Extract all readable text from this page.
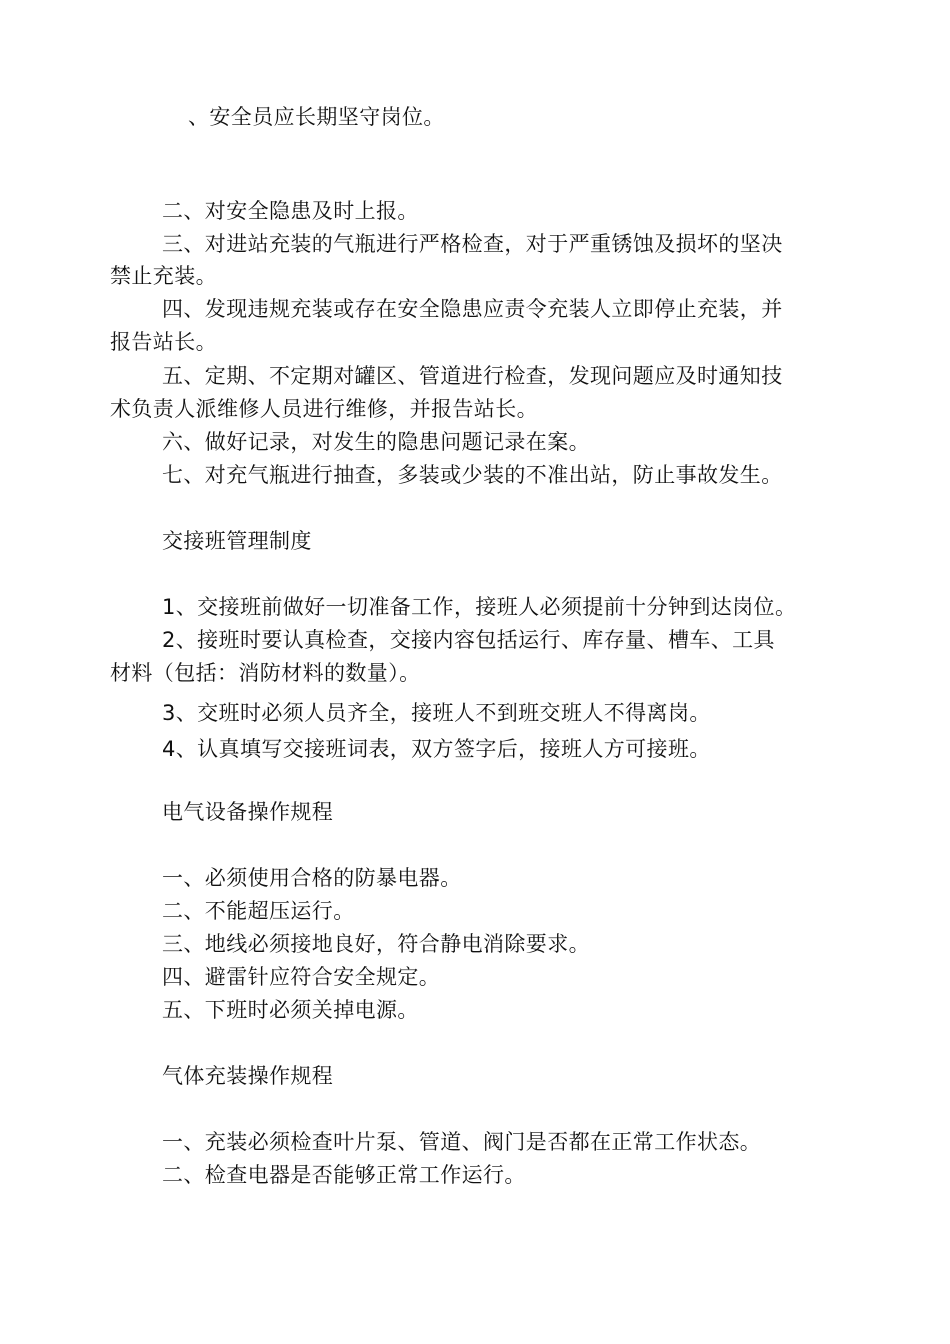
、安全员应长期坚守岗位。
二、对安全隐患及时上报。
三、对进站充装的气瓶进行严格检查，对于严重锈蚀及损坏的坚决
禁止充装。
四、发现违规充装或存在安全隐患应责令充装人立即停止充装，并
报告站长。
五、定期、不定期对罐区、管道进行检查，发现问题应及时通知技
术负责人派维修人员进行维修，并报告站长。
六、做好记录，对发生的隐患问题记录在案。
七、对充气瓶进行抽查，多装或少装的不准出站，防止事故发生。
交接班管理制度
1、交接班前做好一切准备工作，接班人必须提前十分钟到达岗位。
2、接班时要认真检查，交接内容包括运行、库存量、槽车、工具
材料（包括：消防材料的数量）。
3、交班时必须人员齐全，接班人不到班交班人不得离岗。
4、认真填写交接班词表，双方签字后，接班人方可接班。
电气设备操作规程
一、必须使用合格的防暴电器。
二、不能超压运行。
三、地线必须接地良好，符合静电消除要求。
四、避雷针应符合安全规定。
五、下班时必须关掉电源。
气体充装操作规程
一、充装必须检查叶片泵、管道、阀门是否都在正常工作状态。
二、检查电器是否能够正常工作运行。
